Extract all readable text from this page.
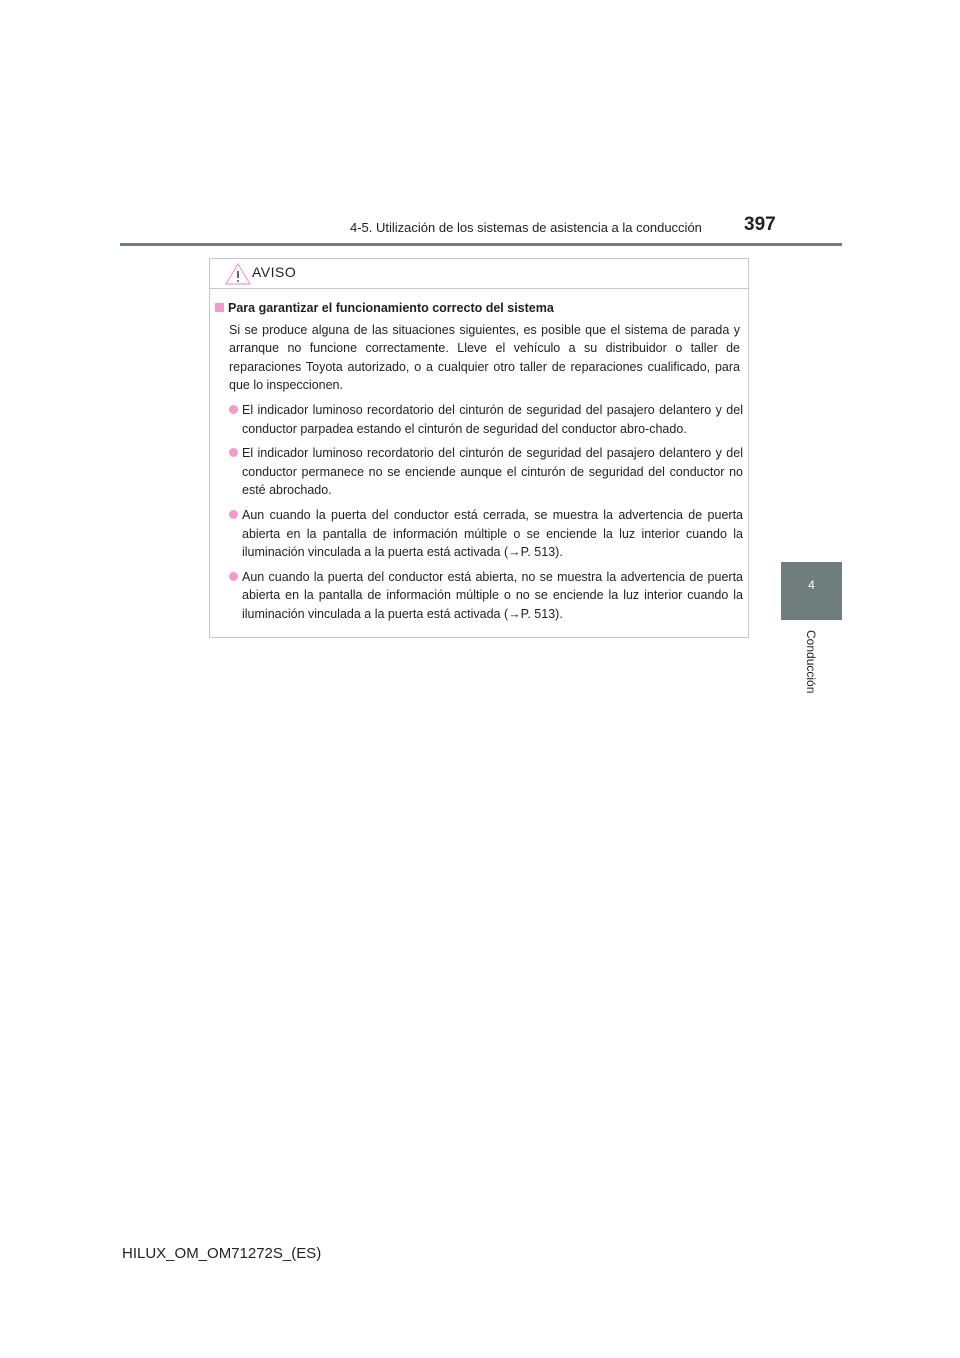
4-5. Utilización de los sistemas de asistencia a la conducción 397
4
Conducción
AVISO
Para garantizar el funcionamiento correcto del sistema
Si se produce alguna de las situaciones siguientes, es posible que el sistema de parada y arranque no funcione correctamente. Lleve el vehículo a su distribuidor o taller de reparaciones Toyota autorizado, o a cualquier otro taller de reparaciones cualificado, para que lo inspeccionen.
El indicador luminoso recordatorio del cinturón de seguridad del pasajero delantero y del conductor parpadea estando el cinturón de seguridad del conductor abro-chado.
El indicador luminoso recordatorio del cinturón de seguridad del pasajero delantero y del conductor permanece no se enciende aunque el cinturón de seguridad del conductor no esté abrochado.
Aun cuando la puerta del conductor está cerrada, se muestra la advertencia de puerta abierta en la pantalla de información múltiple o se enciende la luz interior cuando la iluminación vinculada a la puerta está activada (→P. 513).
Aun cuando la puerta del conductor está abierta, no se muestra la advertencia de puerta abierta en la pantalla de información múltiple o no se enciende la luz interior cuando la iluminación vinculada a la puerta está activada (→P. 513).
HILUX_OM_OM71272S_(ES)
